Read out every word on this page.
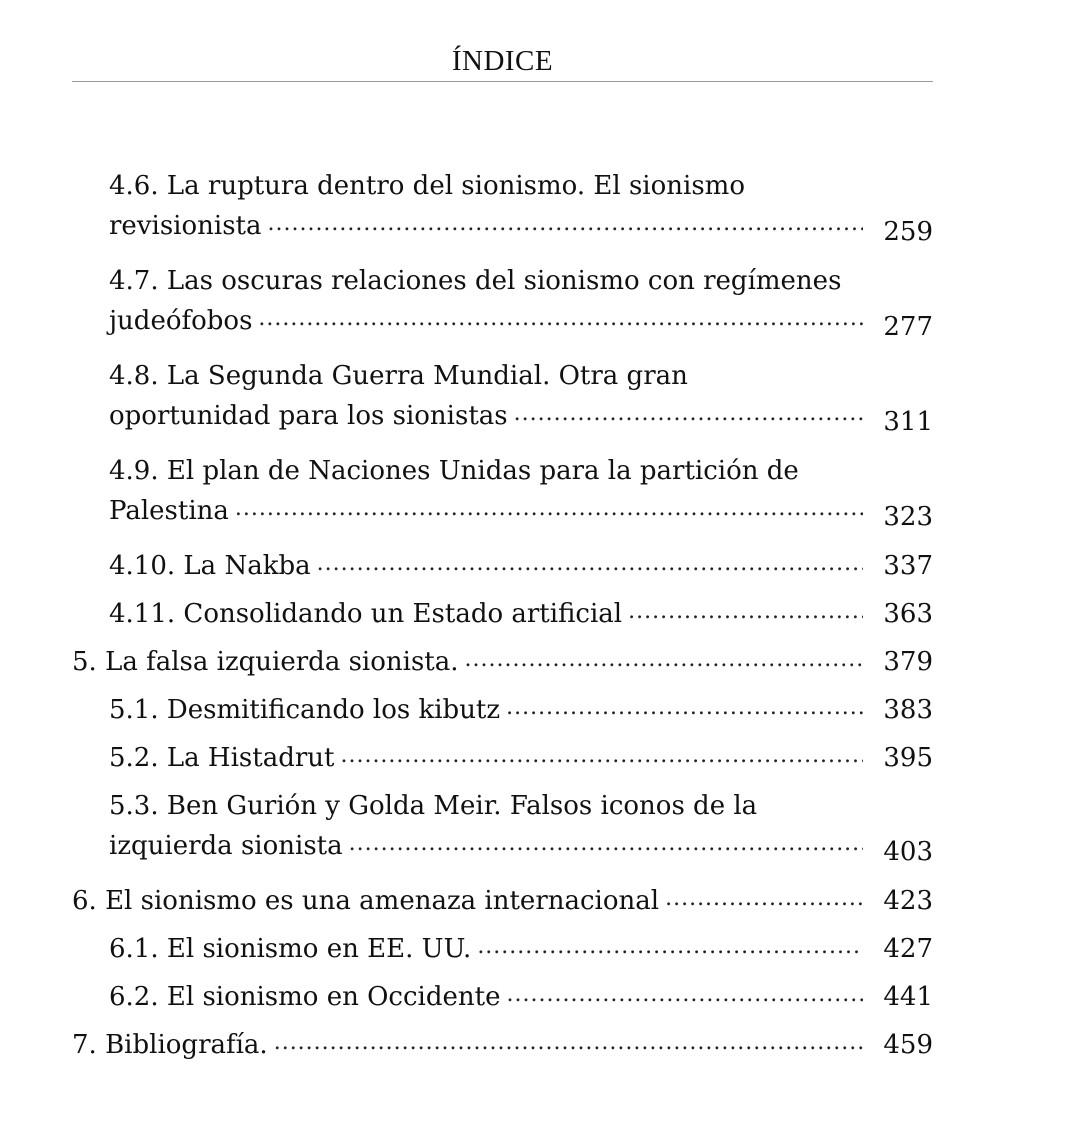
ÍNDICE
4.6. La ruptura dentro del sionismo. El sionismo
revisionista .....	259
4.7. Las oscuras relaciones del sionismo con regímenes
judeófobos .....	277
4.8. La Segunda Guerra Mundial. Otra gran
oportunidad para los sionistas .....	311
4.9. El plan de Naciones Unidas para la partición de
Palestina .....	323
4.10. La Nakba .....	337
4.11. Consolidando un Estado artificial .....	363
5. La falsa izquierda sionista. .....	379
5.1. Desmitificando los kibutz .....	383
5.2. La Histadrut .....	395
5.3. Ben Gurión y Golda Meir. Falsos iconos de la
izquierda sionista .....	403
6. El sionismo es una amenaza internacional .....	423
6.1. El sionismo en EE. UU. .....	427
6.2. El sionismo en Occidente .....	441
7. Bibliografía. .....	459
